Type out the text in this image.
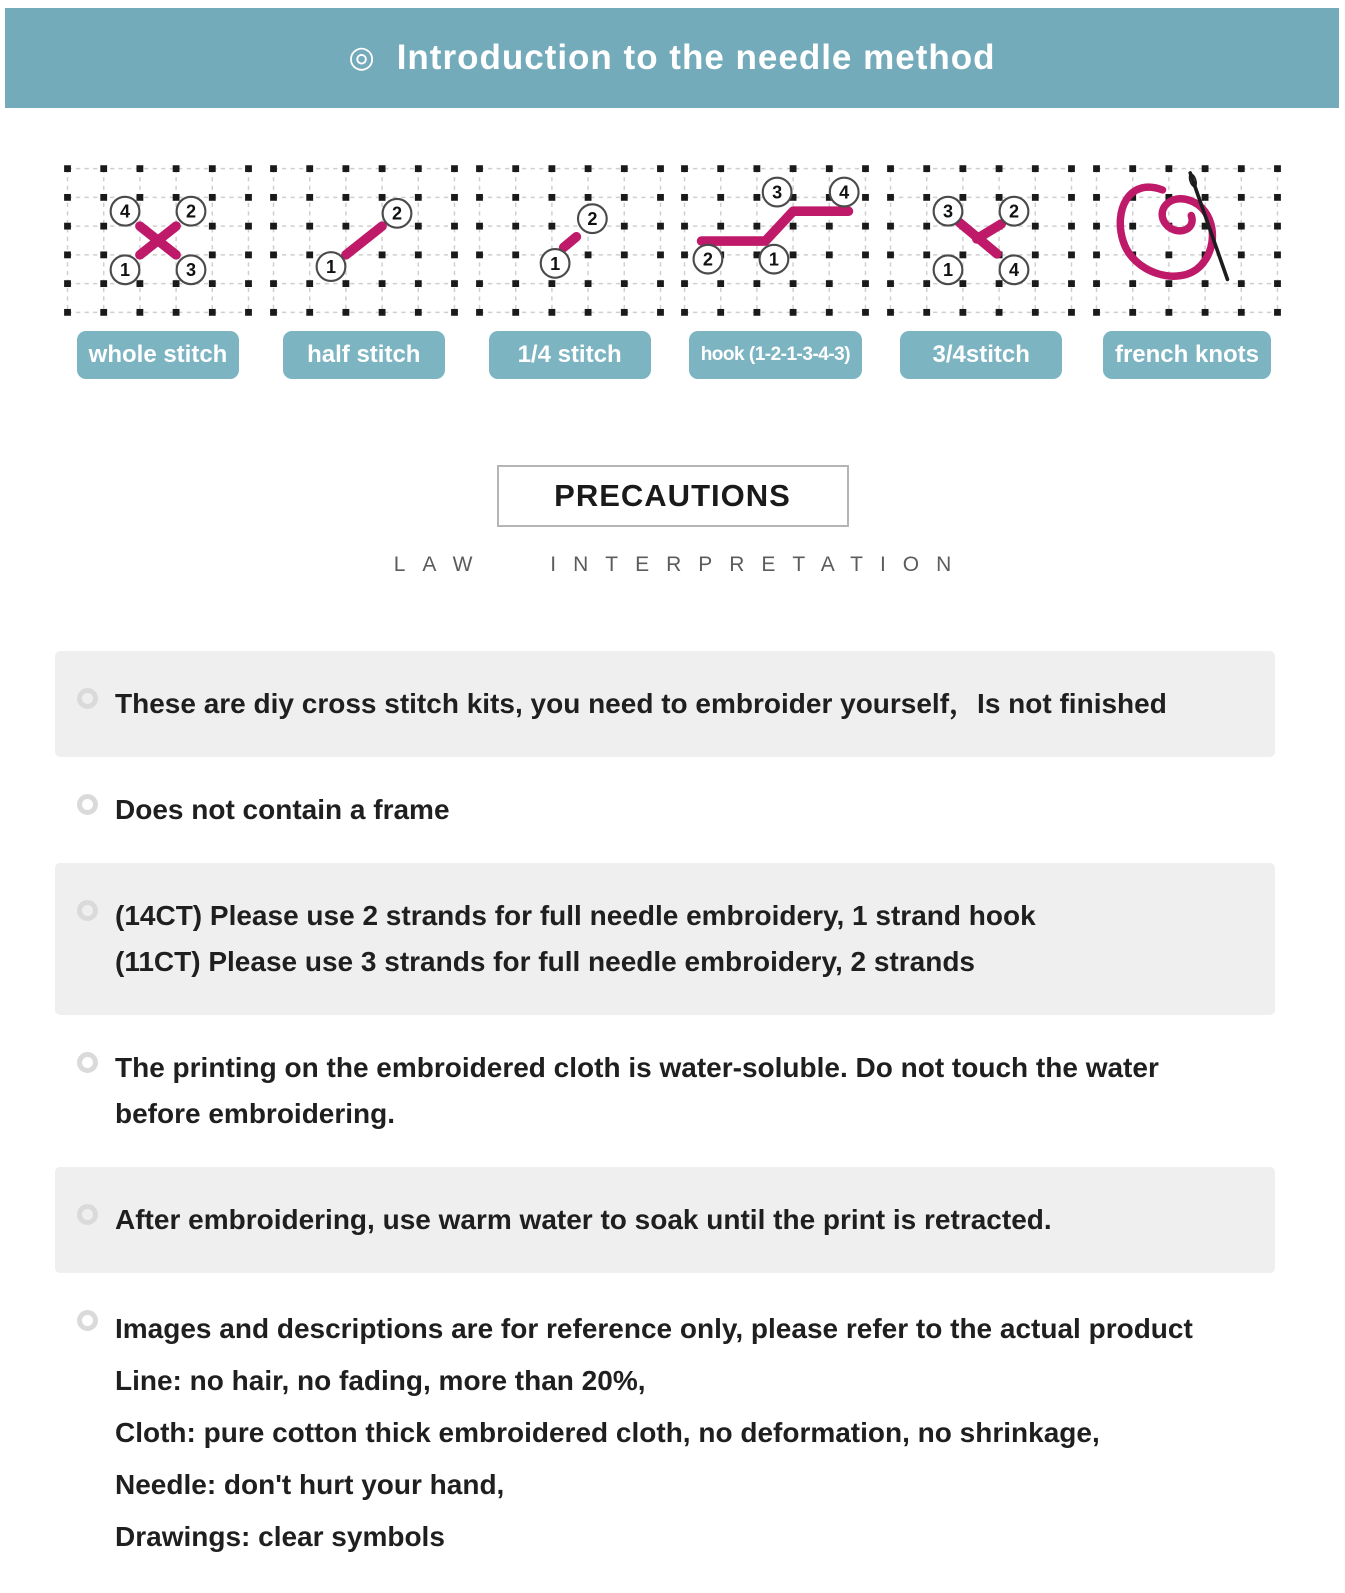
◎ Introduction to the needle method
4	2
1	3
whole stitch
1
2
half stitch
1
2
1/4 stitch
2	1
3	4
hook (1-2-1-3-4-3)
3	2
1	4
3/4stitch	french knots
PRECAUTIONS
LAW INTERPRETATION
These are diy cross stitch kits, you need to embroider yourself，Is not finished
Does not contain a frame
(14CT) Please use 2 strands for full needle embroidery, 1 strand hook
(11CT) Please use 3 strands for full needle embroidery, 2 strands
The printing on the embroidered cloth is water-soluble. Do not touch the water
before embroidering.
After embroidering, use warm water to soak until the print is retracted.
Images and descriptions are for reference only, please refer to the actual product
Line: no hair, no fading, more than 20%,
Cloth: pure cotton thick embroidered cloth, no deformation, no shrinkage,
Needle: don't hurt your hand,
Drawings: clear symbols
